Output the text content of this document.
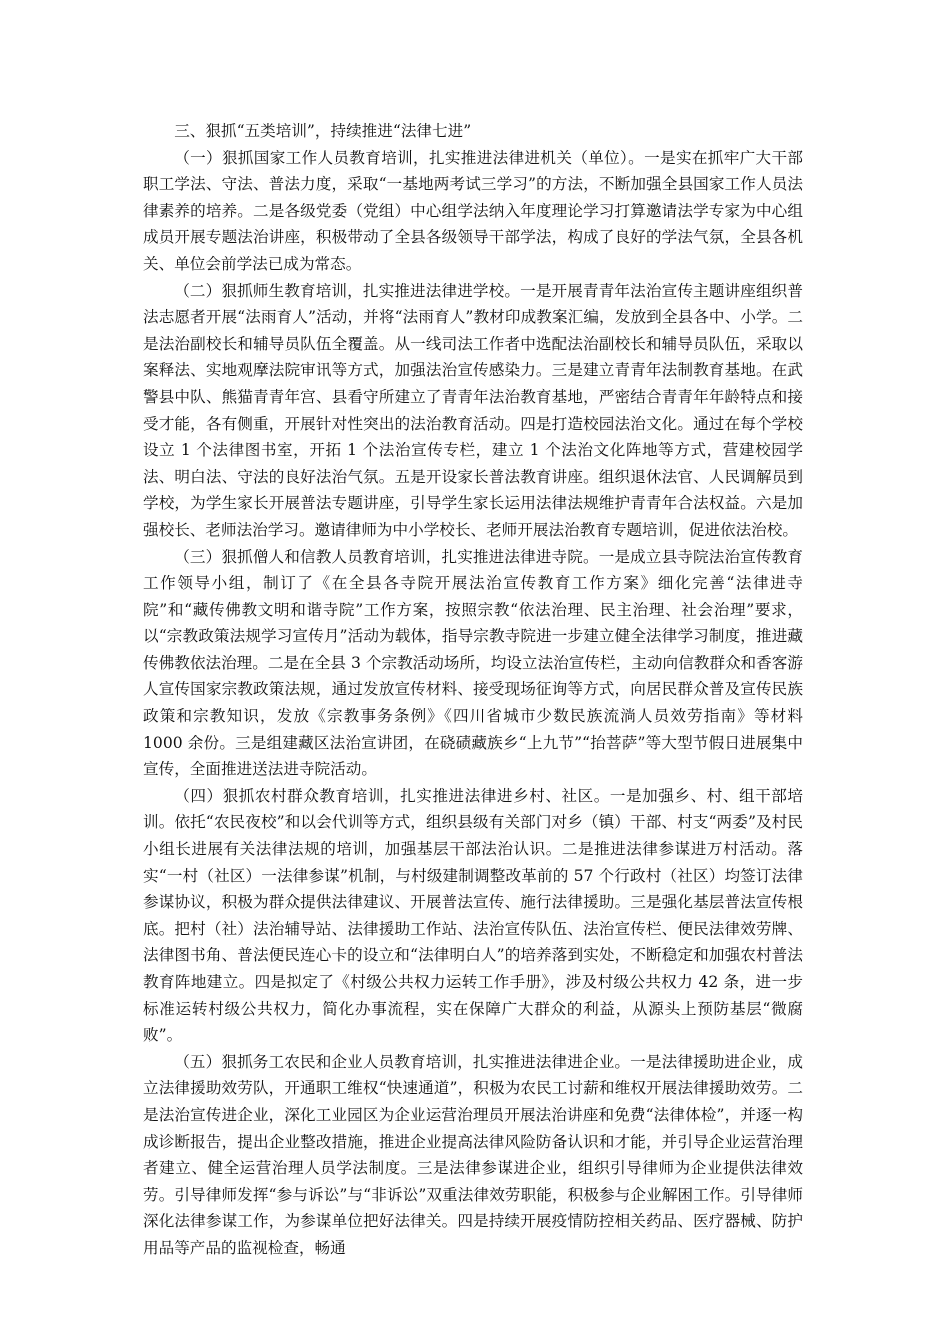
三、狠抓“五类培训”，持续推进“法律七进”

（一）狠抓国家工作人员教育培训，扎实推进法律进机关（单位）。一是实在抓牢广大干部职工学法、守法、普法力度，采取“一基地两考试三学习”的方法，不断加强全县国家工作人员法律素养的培养。二是各级党委（党组）中心组学法纳入年度理论学习打算邀请法学专家为中心组成员开展专题法治讲座，积极带动了全县各级领导干部学法，构成了良好的学法气氛，全县各机关、单位会前学法已成为常态。

（二）狠抓师生教育培训，扎实推进法律进学校。一是开展青青年法治宣传主题讲座组织普法志愿者开展“法雨育人”活动，并将“法雨育人”教材印成教案汇编，发放到全县各中、小学。二是法治副校长和辅导员队伍全覆盖。从一线司法工作者中选配法治副校长和辅导员队伍，采取以案释法、实地观摩法院审讯等方式，加强法治宣传感染力。三是建立青青年法制教育基地。在武警县中队、熊猫青青年宫、县看守所建立了青青年法治教育基地，严密结合青青年年龄特点和接受才能，各有侧重，开展针对性突出的法治教育活动。四是打造校园法治文化。通过在每个学校设立 1 个法律图书室，开拓 1 个法治宣传专栏，建立 1 个法治文化阵地等方式，营建校园学法、明白法、守法的良好法治气氛。五是开设家长普法教育讲座。组织退休法官、人民调解员到学校，为学生家长开展普法专题讲座，引导学生家长运用法律法规维护青青年合法权益。六是加强校长、老师法治学习。邀请律师为中小学校长、老师开展法治教育专题培训，促进依法治校。

（三）狠抓僧人和信教人员教育培训，扎实推进法律进寺院。一是成立县寺院法治宣传教育工作领导小组，制订了《在全县各寺院开展法治宣传教育工作方案》细化完善“法律进寺院”和“藏传佛教文明和谐寺院”工作方案，按照宗教“依法治理、民主治理、社会治理”要求，以“宗教政策法规学习宣传月”活动为载体，指导宗教寺院进一步建立健全法律学习制度，推进藏传佛教依法治理。二是在全县 3 个宗教活动场所，均设立法治宣传栏，主动向信教群众和香客游人宣传国家宗教政策法规，通过发放宣传材料、接受现场征询等方式，向居民群众普及宣传民族政策和宗教知识，发放《宗教事务条例》《四川省城市少数民族流淌人员效劳指南》等材料 1000 余份。三是组建藏区法治宣讲团，在硗碛藏族乡“上九节”“抬菩萨”等大型节假日进展集中宣传，全面推进送法进寺院活动。

（四）狠抓农村群众教育培训，扎实推进法律进乡村、社区。一是加强乡、村、组干部培训。依托“农民夜校”和以会代训等方式，组织县级有关部门对乡（镇）干部、村支“两委”及村民小组长进展有关法律法规的培训，加强基层干部法治认识。二是推进法律参谋进万村活动。落实“一村（社区）一法律参谋”机制，与村级建制调整改革前的 57 个行政村（社区）均签订法律参谋协议，积极为群众提供法律建议、开展普法宣传、施行法律援助。三是强化基层普法宣传根底。把村（社）法治辅导站、法律援助工作站、法治宣传队伍、法治宣传栏、便民法律效劳牌、法律图书角、普法便民连心卡的设立和“法律明白人”的培养落到实处，不断稳定和加强农村普法教育阵地建立。四是拟定了《村级公共权力运转工作手册》，涉及村级公共权力 42 条，进一步标准运转村级公共权力，简化办事流程，实在保障广大群众的利益，从源头上预防基层“微腐败”。

（五）狠抓务工农民和企业人员教育培训，扎实推进法律进企业。一是法律援助进企业，成立法律援助效劳队，开通职工维权“快速通道”，积极为农民工讨薪和维权开展法律援助效劳。二是法治宣传进企业，深化工业园区为企业运营治理员开展法治讲座和免费“法律体检”，并逐一构成诊断报告，提出企业整改措施，推进企业提高法律风险防备认识和才能，并引导企业运营治理者建立、健全运营治理人员学法制度。三是法律参谋进企业，组织引导律师为企业提供法律效劳。引导律师发挥“参与诉讼”与“非诉讼”双重法律效劳职能，积极参与企业解困工作。引导律师深化法律参谋工作，为参谋单位把好法律关。四是持续开展疫情防控相关药品、医疗器械、防护用品等产品的监视检查，畅通
